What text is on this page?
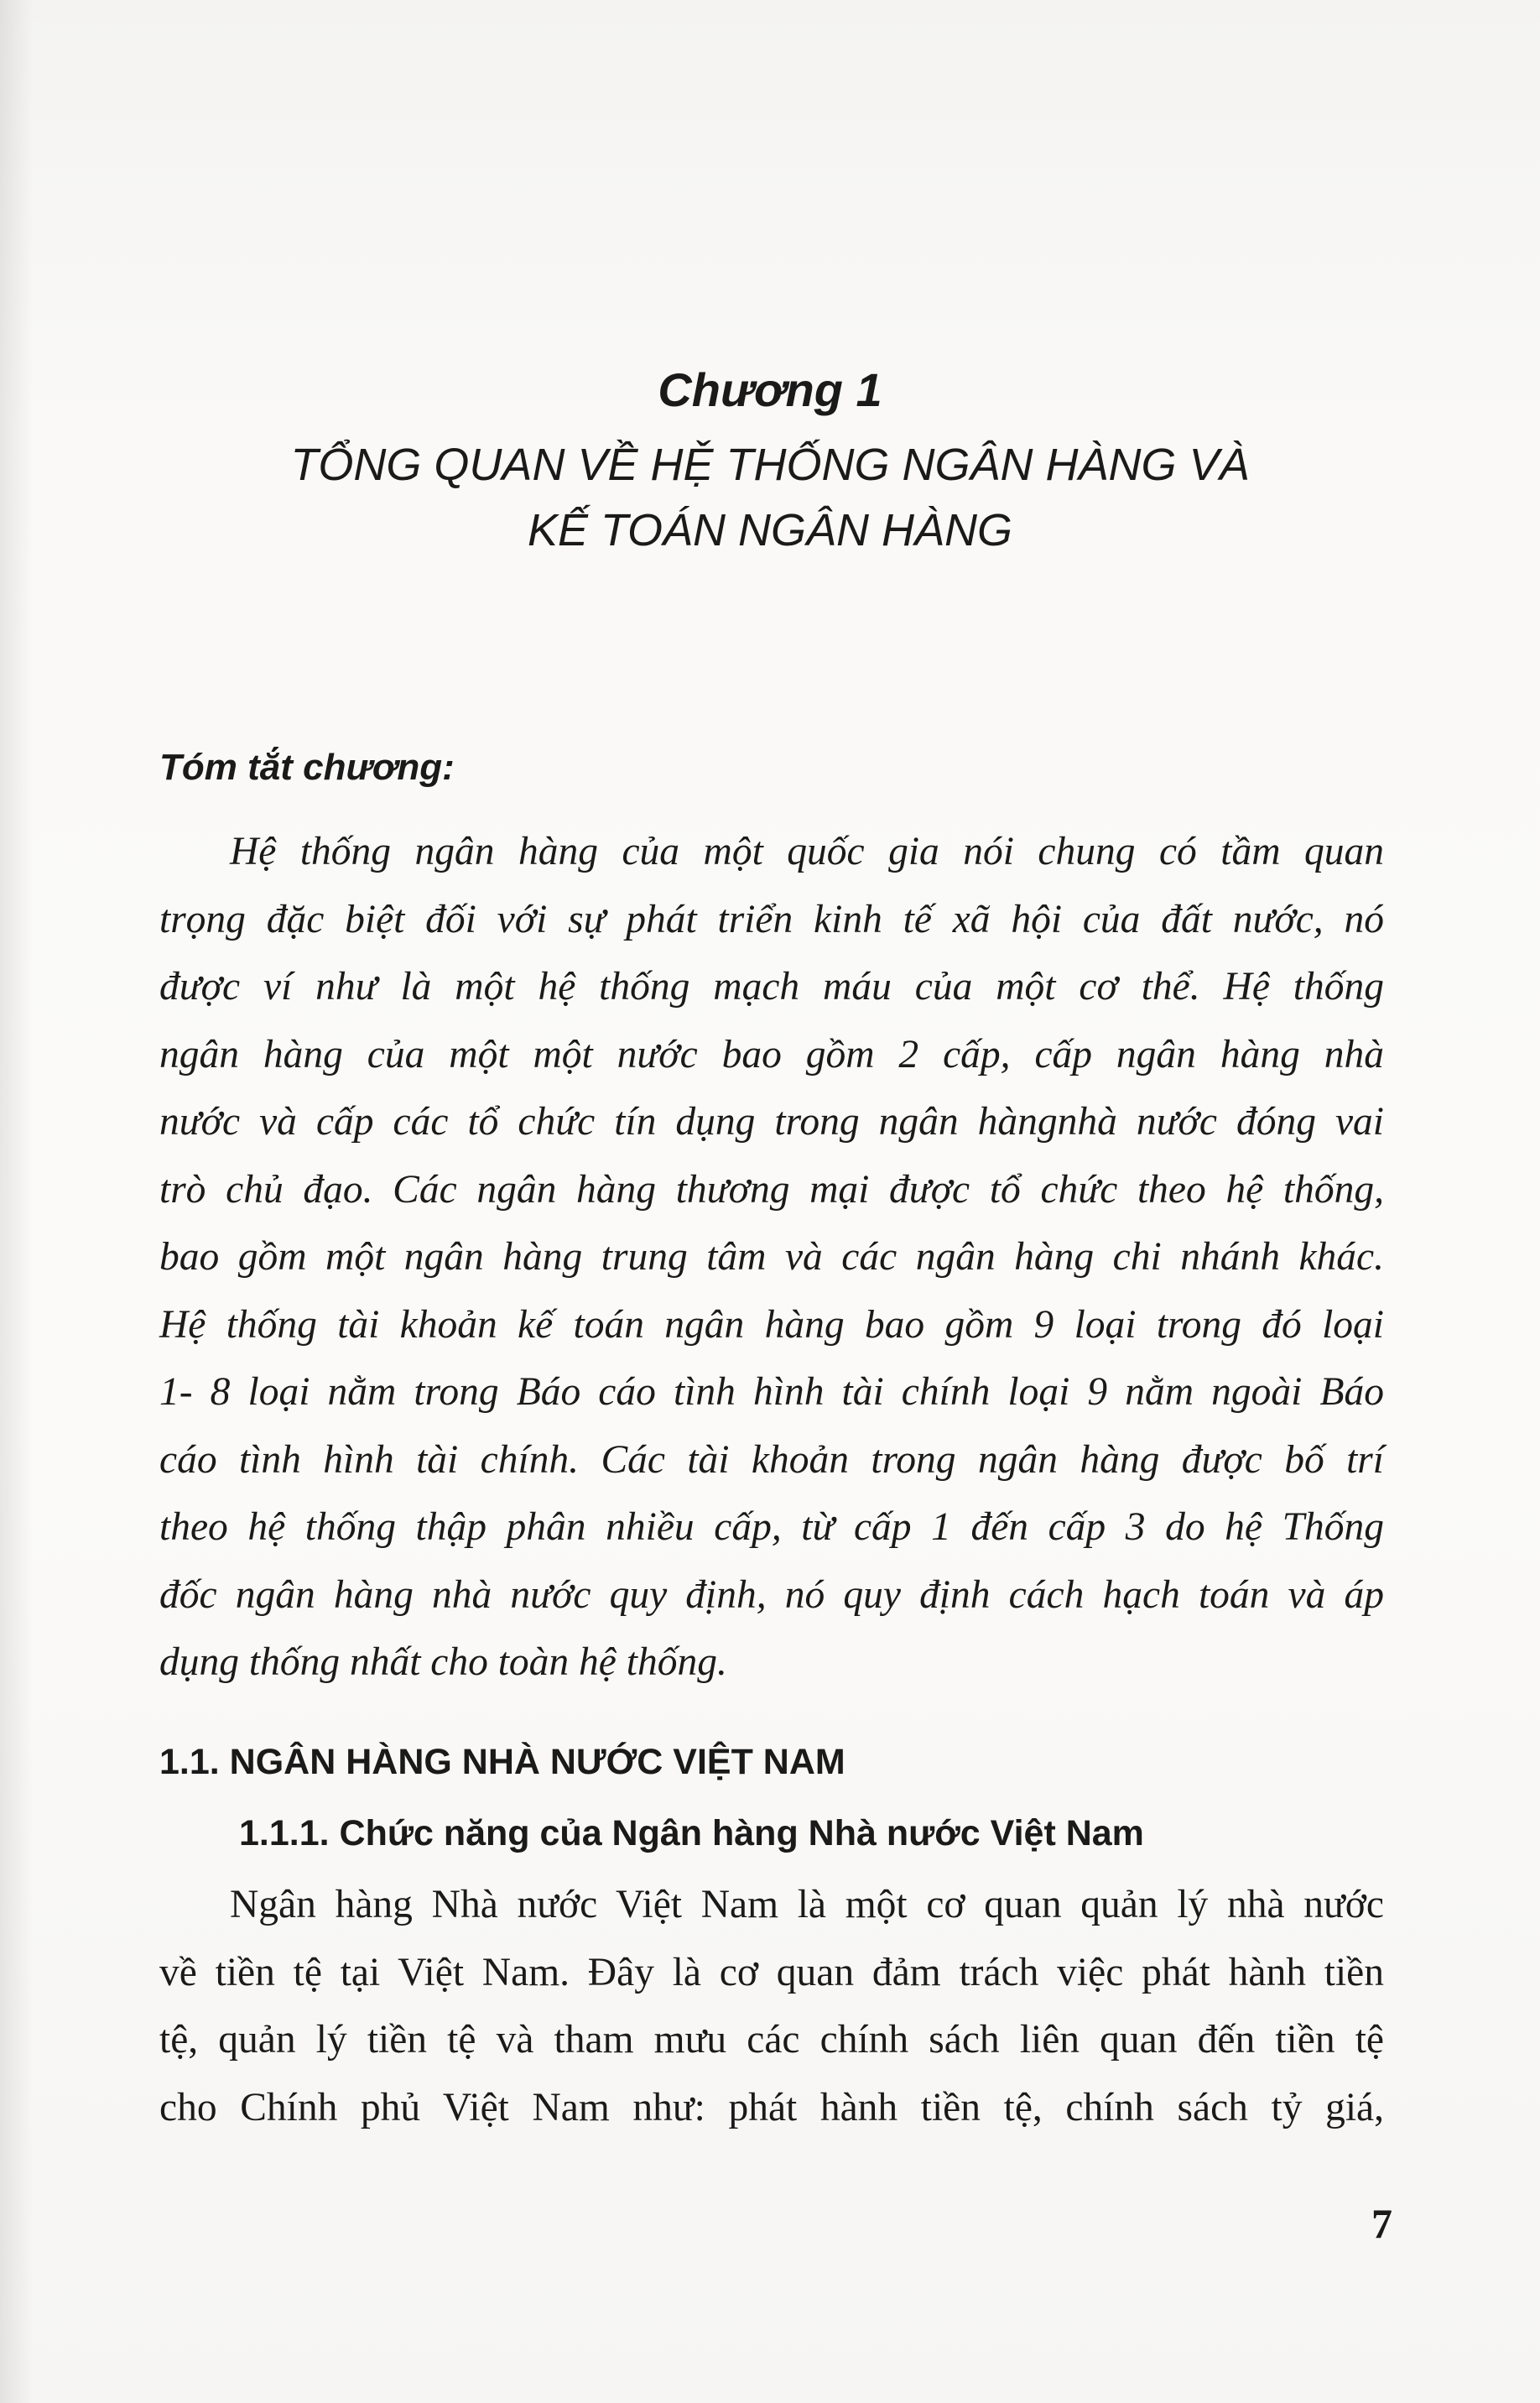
Chương 1
TỔNG QUAN VỀ HỆ THỐNG NGÂN HÀNG VÀ
KẾ TOÁN NGÂN HÀNG
Tóm tắt chương:
Hệ thống ngân hàng của một quốc gia nói chung có tầm quan
trọng đặc biệt đối với sự phát triển kinh tế xã hội của đất nước, nó
được ví như là một hệ thống mạch máu của một cơ thể. Hệ thống
ngân hàng của một một nước bao gồm 2 cấp, cấp ngân hàng nhà
nước và cấp các tổ chức tín dụng trong ngân hàngnhà nước đóng vai
trò chủ đạo. Các ngân hàng thương mại được tổ chức theo hệ thống,
bao gồm một ngân hàng trung tâm và các ngân hàng chi nhánh khác.
Hệ thống tài khoản kế toán ngân hàng bao gồm 9 loại trong đó loại
1- 8 loại nằm trong Báo cáo tình hình tài chính loại 9 nằm ngoài Báo
cáo tình hình tài chính. Các tài khoản trong ngân hàng được bố trí
theo hệ thống thập phân nhiều cấp, từ cấp 1 đến cấp 3 do hệ Thống
đốc ngân hàng nhà nước quy định, nó quy định cách hạch toán và áp
dụng thống nhất cho toàn hệ thống.
1.1. NGÂN HÀNG NHÀ NƯỚC VIỆT NAM
1.1.1. Chức năng của Ngân hàng Nhà nước Việt Nam
Ngân hàng Nhà nước Việt Nam là một cơ quan quản lý nhà nước
về tiền tệ tại Việt Nam. Đây là cơ quan đảm trách việc phát hành tiền
tệ, quản lý tiền tệ và tham mưu các chính sách liên quan đến tiền tệ
cho Chính phủ Việt Nam như: phát hành tiền tệ, chính sách tỷ giá,
7
